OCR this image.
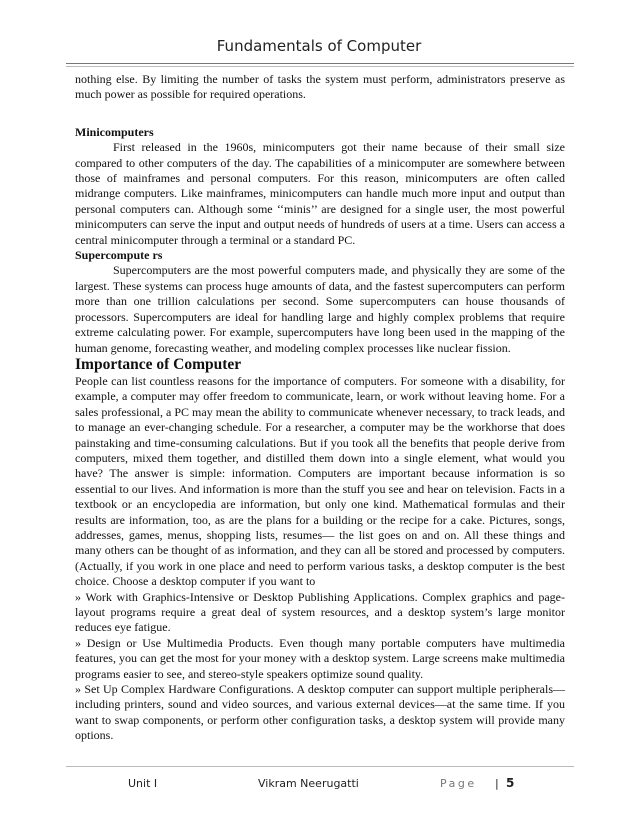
Fundamentals of Computer

nothing else. By limiting the number of tasks the system must perform, administrators preserve as much power as possible for required operations.

Minicomputers

First released in the 1960s, minicomputers got their name because of their small size compared to other computers of the day. The capabilities of a minicomputer are somewhere between those of mainframes and personal computers. For this reason, minicomputers are often called midrange computers. Like mainframes, minicomputers can handle much more input and output than personal computers can. Although some ‘‘minis’’ are designed for a single user, the most powerful minicomputers can serve the input and output needs of hundreds of users at a time. Users can access a central minicomputer through a terminal or a standard PC.

Supercompute rs

Supercomputers are the most powerful computers made, and physically they are some of the largest. These systems can process huge amounts of data, and the fastest supercomputers can perform more than one trillion calculations per second. Some supercomputers can house thousands of processors. Supercomputers are ideal for handling large and highly complex problems that require extreme calculating power. For example, supercomputers have long been used in the mapping of the human genome, forecasting weather, and modeling complex processes like nuclear fission.

Importance of Computer

People can list countless reasons for the importance of computers. For someone with a disability, for example, a computer may offer freedom to communicate, learn, or work without leaving home. For a sales professional, a PC may mean the ability to communicate whenever necessary, to track leads, and to manage an ever-changing schedule. For a researcher, a computer may be the workhorse that does painstaking and time-consuming calculations. But if you took all the benefits that people derive from computers, mixed them together, and distilled them down into a single element, what would you have? The answer is simple: information. Computers are important because information is so essential to our lives. And information is more than the stuff you see and hear on television. Facts in a textbook or an encyclopedia are information, but only one kind. Mathematical formulas and their results are information, too, as are the plans for a building or the recipe for a cake. Pictures, songs, addresses, games, menus, shopping lists, resumes— the list goes on and on. All these things and many others can be thought of as information, and they can all be stored and processed by computers. (Actually, if you work in one place and need to perform various tasks, a desktop computer is the best choice. Choose a desktop computer if you want to

» Work with Graphics-Intensive or Desktop Publishing Applications. Complex graphics and page-layout programs require a great deal of system resources, and a desktop system’s large monitor reduces eye fatigue.

» Design or Use Multimedia Products. Even though many portable computers have multimedia features, you can get the most for your money with a desktop system. Large screens make multimedia programs easier to see, and stereo-style speakers optimize sound quality.

» Set Up Complex Hardware Configurations. A desktop computer can support multiple peripherals—including printers, sound and video sources, and various external devices—at the same time. If you want to swap components, or perform other configuration tasks, a desktop system will provide many options.

Unit I	Vikram Neerugatti	Page | 5
